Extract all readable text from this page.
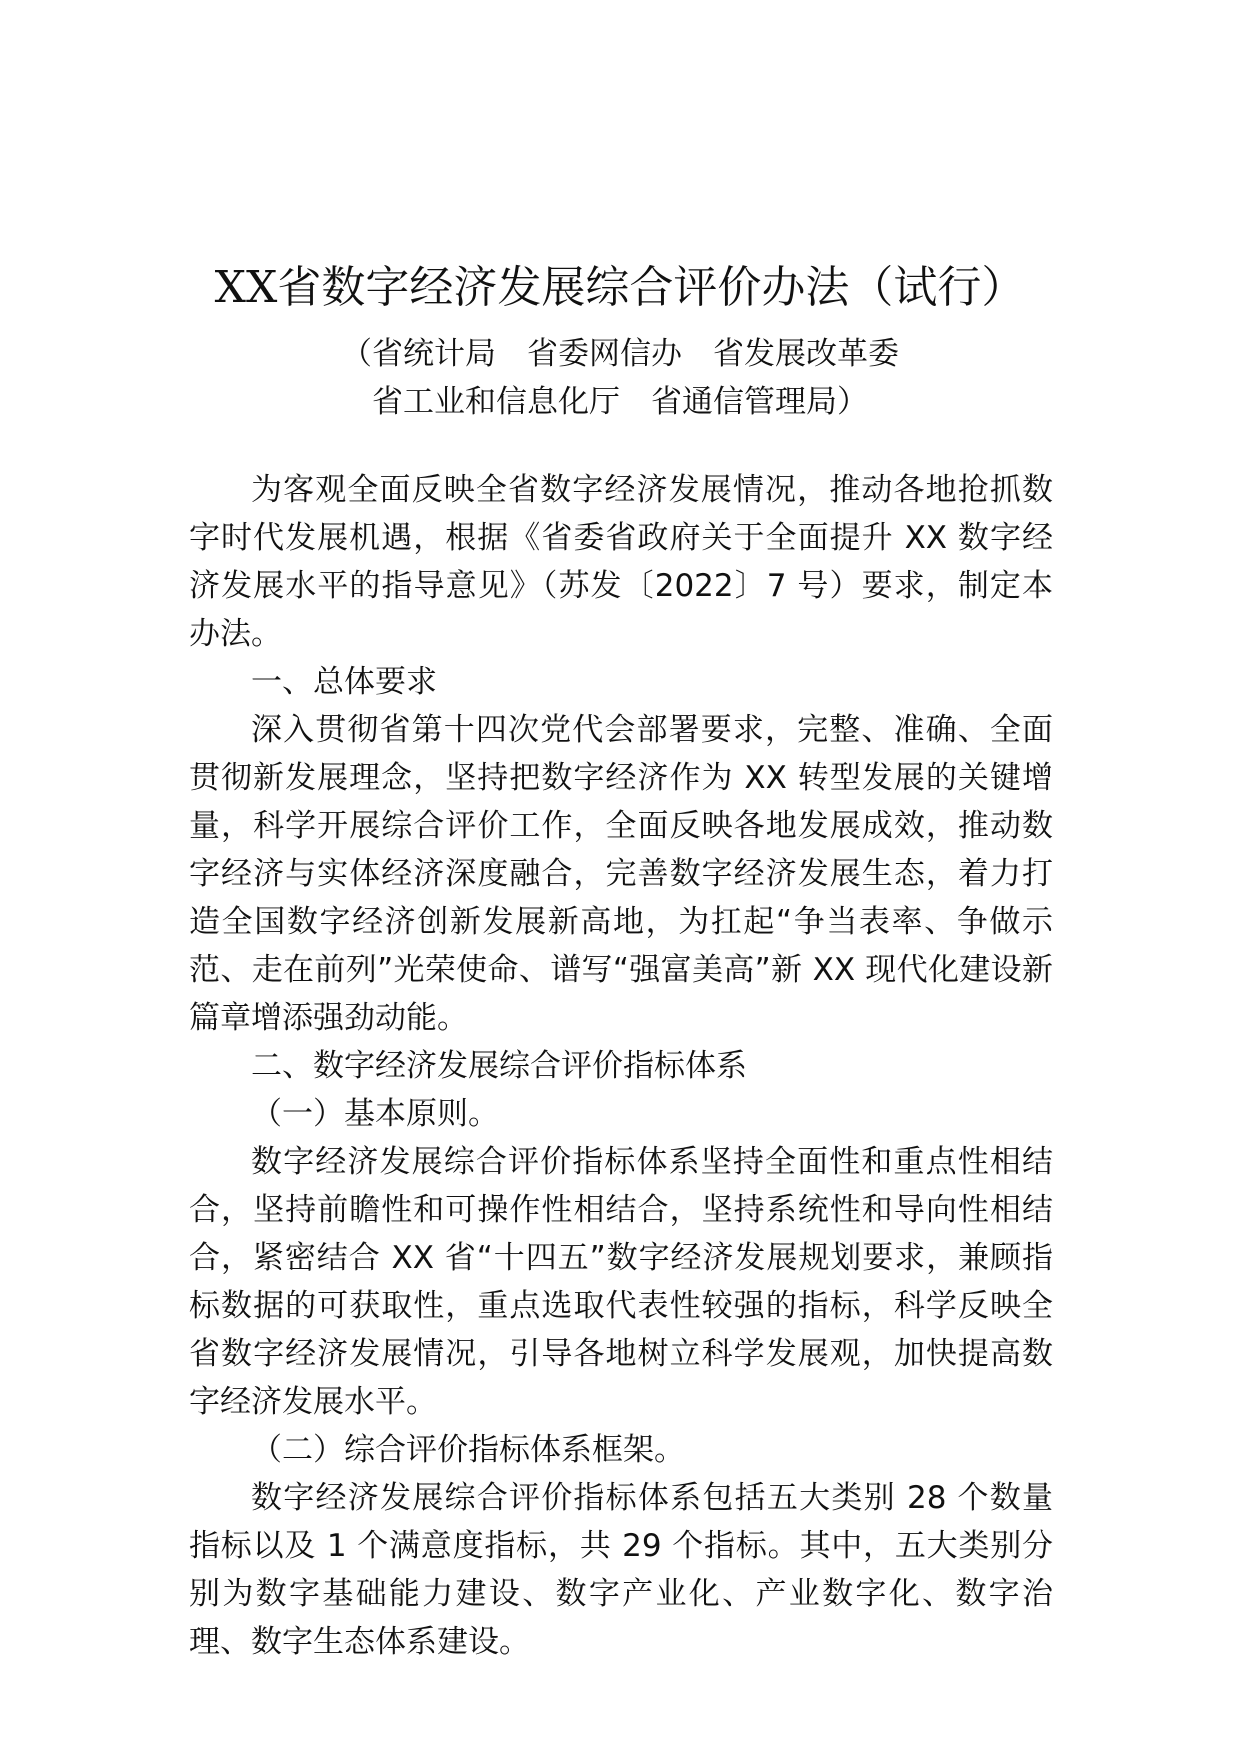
XX省数字经济发展综合评价办法（试行）
（省统计局　省委网信办　省发展改革委
省工业和信息化厅　省通信管理局）

为客观全面反映全省数字经济发展情况，推动各地抢抓数字时代发展机遇，根据《省委省政府关于全面提升 XX 数字经济发展水平的指导意见》（苏发〔2022〕7 号）要求，制定本办法。

一、总体要求

深入贯彻省第十四次党代会部署要求，完整、准确、全面贯彻新发展理念，坚持把数字经济作为 XX 转型发展的关键增量，科学开展综合评价工作，全面反映各地发展成效，推动数字经济与实体经济深度融合，完善数字经济发展生态，着力打造全国数字经济创新发展新高地，为扛起“争当表率、争做示范、走在前列”光荣使命、谱写“强富美高”新 XX 现代化建设新篇章增添强劲动能。

二、数字经济发展综合评价指标体系

（一）基本原则。

数字经济发展综合评价指标体系坚持全面性和重点性相结合，坚持前瞻性和可操作性相结合，坚持系统性和导向性相结合，紧密结合 XX 省“十四五”数字经济发展规划要求，兼顾指标数据的可获取性，重点选取代表性较强的指标，科学反映全省数字经济发展情况，引导各地树立科学发展观，加快提高数字经济发展水平。

（二）综合评价指标体系框架。

数字经济发展综合评价指标体系包括五大类别 28 个数量指标以及 1 个满意度指标，共 29 个指标。其中，五大类别分别为数字基础能力建设、数字产业化、产业数字化、数字治理、数字生态体系建设。
